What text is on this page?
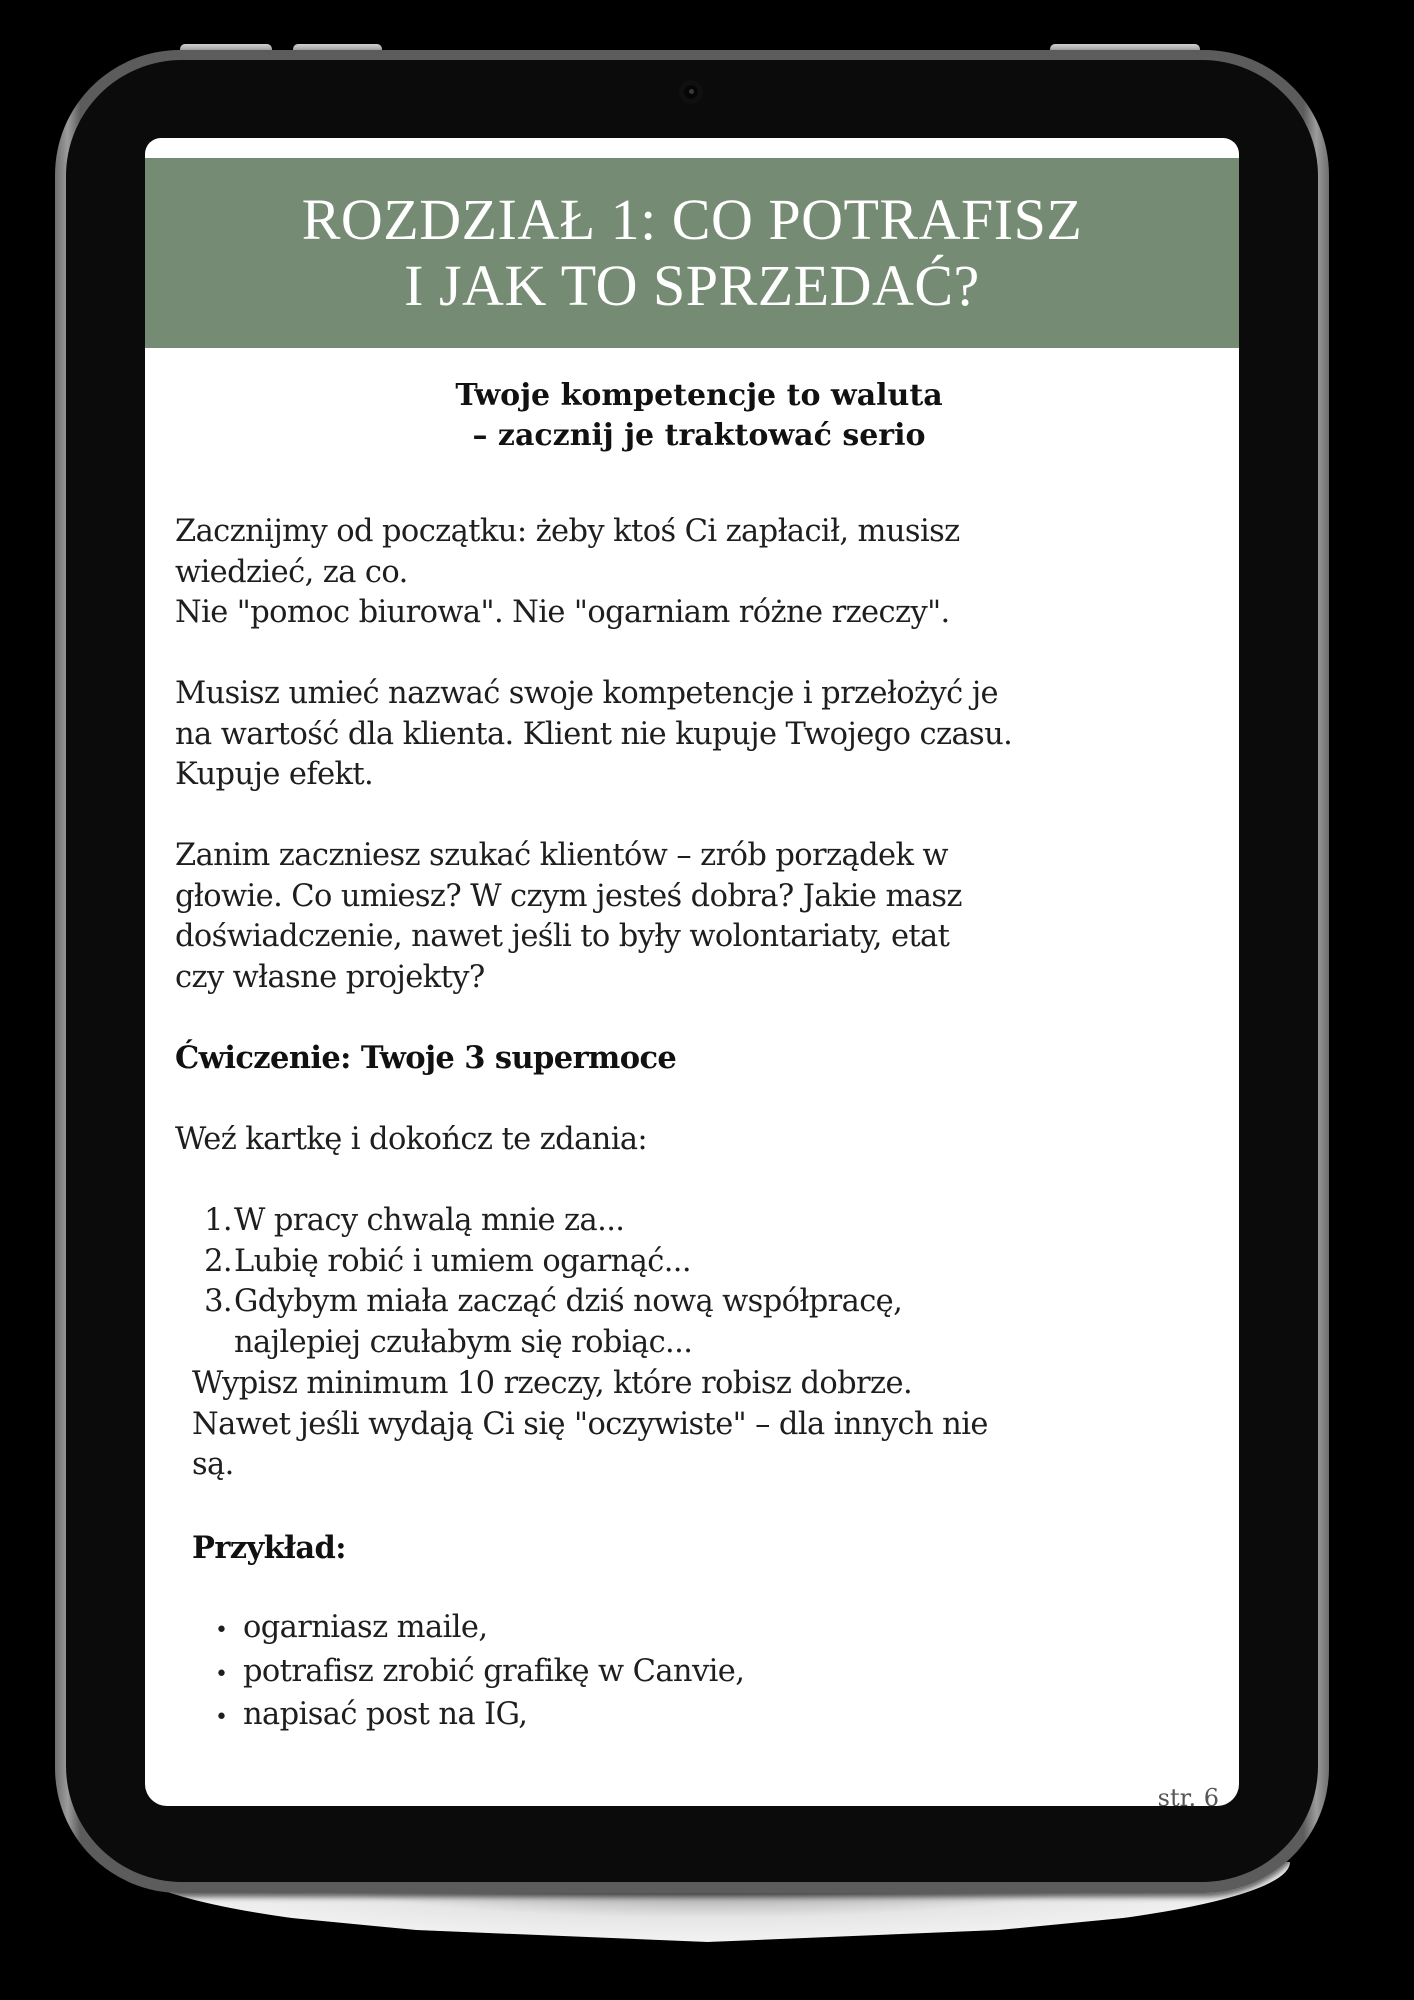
ROZDZIAŁ 1: CO POTRAFISZ
I JAK TO SPRZEDAĆ?
Twoje kompetencje to waluta
– zacznij je traktować serio

Zacznijmy od początku: żeby ktoś Ci zapłacił, musisz
wiedzieć, za co.
Nie "pomoc biurowa". Nie "ogarniam różne rzeczy".

Musisz umieć nazwać swoje kompetencje i przełożyć je
na wartość dla klienta. Klient nie kupuje Twojego czasu.
Kupuje efekt.

Zanim zaczniesz szukać klientów – zrób porządek w
głowie. Co umiesz? W czym jesteś dobra? Jakie masz
doświadczenie, nawet jeśli to były wolontariaty, etat
czy własne projekty?

Ćwiczenie: Twoje 3 supermoce

Weź kartkę i dokończ te zdania:

1. W pracy chwalą mnie za...
2. Lubię robić i umiem ogarnąć...
3. Gdybym miała zacząć dziś nową współpracę,
najlepiej czułabym się robiąc...

Wypisz minimum 10 rzeczy, które robisz dobrze.
Nawet jeśli wydają Ci się "oczywiste" – dla innych nie
są.

Przykład:
• ogarniasz maile,
• potrafisz zrobić grafikę w Canvie,
• napisać post na IG,
str. 6
